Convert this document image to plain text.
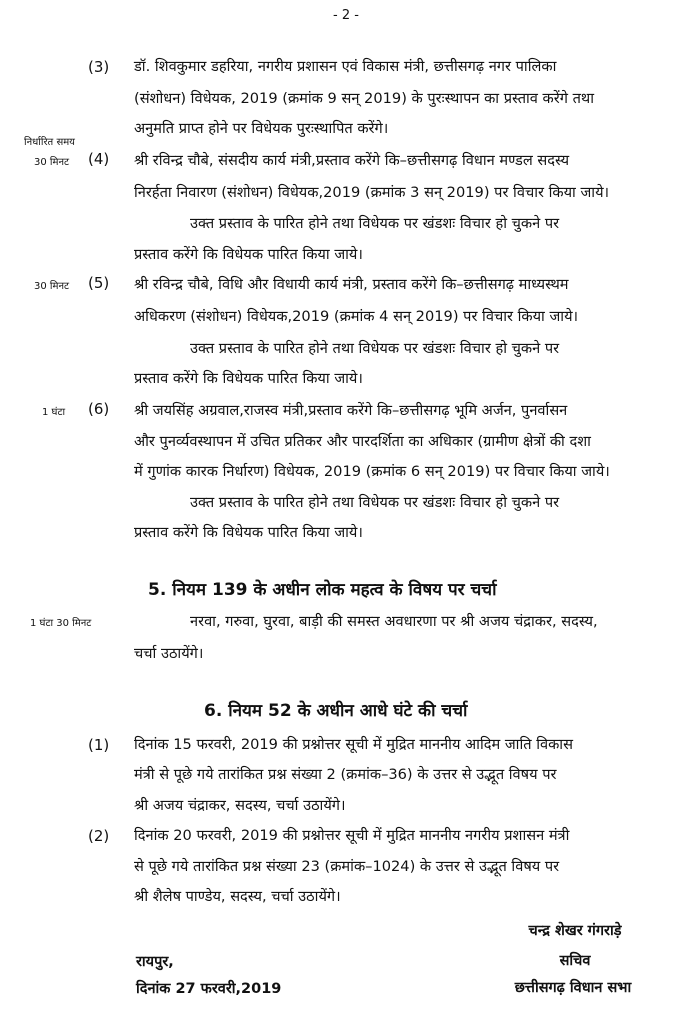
- 2 -
(3) डॉ. शिवकुमार डहरिया, नगरीय प्रशासन एवं विकास मंत्री, छत्तीसगढ़ नगर पालिका
(संशोधन) विधेयक, 2019 (क्रमांक 9 सन् 2019) के पुरःस्थापन का प्रस्ताव करेंगे तथा
अनुमति प्राप्त होने पर विधेयक पुरःस्थापित करेंगे।
निर्धारित समय
30 मिनट (4) श्री रविन्द्र चौबे, संसदीय कार्य मंत्री,प्रस्ताव करेंगे कि–छत्तीसगढ़ विधान मण्डल सदस्य
निरर्हता निवारण (संशोधन) विधेयक,2019 (क्रमांक 3 सन् 2019) पर विचार किया जाये।
उक्त प्रस्ताव के पारित होने तथा विधेयक पर खंडशः विचार हो चुकने पर
प्रस्ताव करेंगे कि विधेयक पारित किया जाये।
30 मिनट (5) श्री रविन्द्र चौबे, विधि और विधायी कार्य मंत्री, प्रस्ताव करेंगे कि–छत्तीसगढ़ माध्यस्थम
अधिकरण (संशोधन) विधेयक,2019 (क्रमांक 4 सन् 2019) पर विचार किया जाये।
उक्त प्रस्ताव के पारित होने तथा विधेयक पर खंडशः विचार हो चुकने पर
प्रस्ताव करेंगे कि विधेयक पारित किया जाये।
1 घंटा (6) श्री जयसिंह अग्रवाल,राजस्व मंत्री,प्रस्ताव करेंगे कि–छत्तीसगढ़ भूमि अर्जन, पुनर्वासन
और पुनर्व्यवस्थापन में उचित प्रतिकर और पारदर्शिता का अधिकार (ग्रामीण क्षेत्रों की दशा
में गुणांक कारक निर्धारण) विधेयक, 2019 (क्रमांक 6 सन् 2019) पर विचार किया जाये।
उक्त प्रस्ताव के पारित होने तथा विधेयक पर खंडशः विचार हो चुकने पर
प्रस्ताव करेंगे कि विधेयक पारित किया जाये।
5. नियम 139 के अधीन लोक महत्व के विषय पर चर्चा
1 घंटा 30 मिनट	नरवा, गरुवा, घुरवा, बाड़ी की समस्त अवधारणा पर श्री अजय चंद्राकर, सदस्य,
चर्चा उठायेंगे।
6. नियम 52 के अधीन आधे घंटे की चर्चा
(1) दिनांक 15 फरवरी, 2019 की प्रश्नोत्तर सूची में मुद्रित माननीय आदिम जाति विकास
मंत्री से पूछे गये तारांकित प्रश्न संख्या 2 (क्रमांक–36) के उत्तर से उद्भूत विषय पर
श्री अजय चंद्राकर, सदस्य, चर्चा उठायेंगे।
(2) दिनांक 20 फरवरी, 2019 की प्रश्नोत्तर सूची में मुद्रित माननीय नगरीय प्रशासन मंत्री
से पूछे गये तारांकित प्रश्न संख्या 23 (क्रमांक–1024) के उत्तर से उद्भूत विषय पर
श्री शैलेष पाण्डेय, सदस्य, चर्चा उठायेंगे।
चन्द्र शेखर गंगराड़े
सचिव
छत्तीसगढ़ विधान सभा
रायपुर,
दिनांक 27 फरवरी,2019
